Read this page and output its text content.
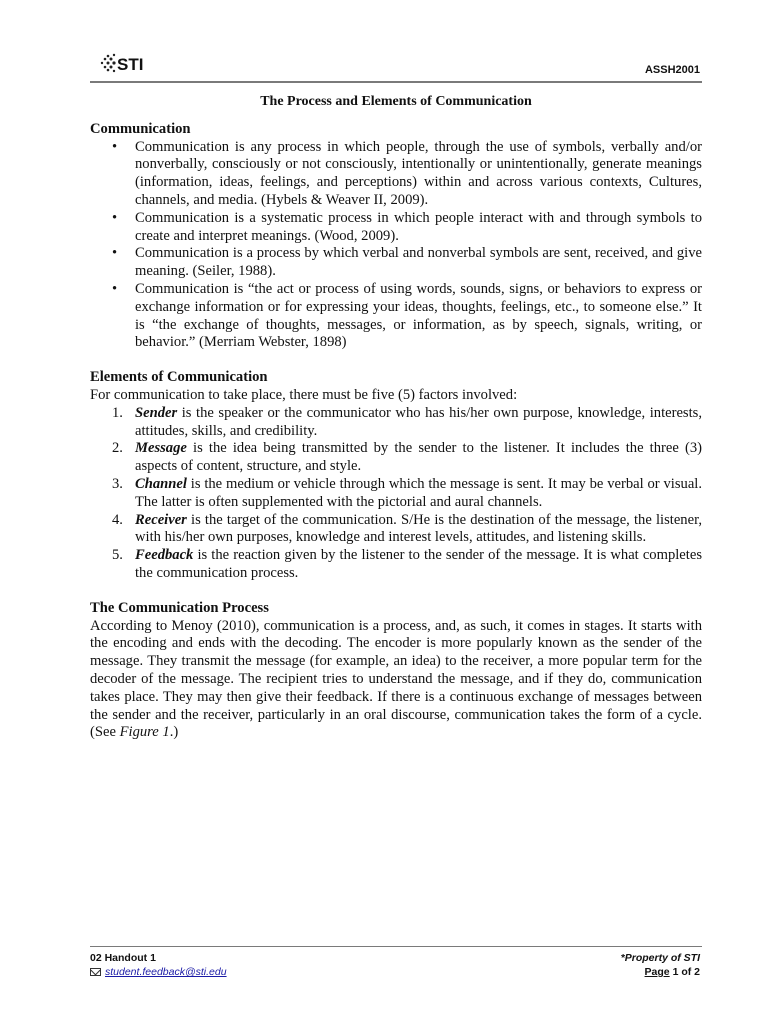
STI	ASSH2001
The Process and Elements of Communication
Communication
• Communication is any process in which people, through the use of symbols, verbally and/or nonverbally, consciously or not consciously, intentionally or unintentionally, generate meanings (information, ideas, feelings, and perceptions) within and across various contexts, Cultures, channels, and media. (Hybels & Weaver II, 2009).
• Communication is a systematic process in which people interact with and through symbols to create and interpret meanings. (Wood, 2009).
• Communication is a process by which verbal and nonverbal symbols are sent, received, and give meaning. (Seiler, 1988).
• Communication is “the act or process of using words, sounds, signs, or behaviors to express or exchange information or for expressing your ideas, thoughts, feelings, etc., to someone else.” It is “the exchange of thoughts, messages, or information, as by speech, signals, writing, or behavior.” (Merriam Webster, 1898)
Elements of Communication

For communication to take place, there must be five (5) factors involved:

1. Sender is the speaker or the communicator who has his/her own purpose, knowledge, interests, attitudes, skills, and credibility.
2. Message is the idea being transmitted by the sender to the listener. It includes the three (3) aspects of content, structure, and style.
3. Channel is the medium or vehicle through which the message is sent. It may be verbal or visual. The latter is often supplemented with the pictorial and aural channels.
4. Receiver is the target of the communication. S/He is the destination of the message, the listener, with his/her own purposes, knowledge and interest levels, attitudes, and listening skills.
5. Feedback is the reaction given by the listener to the sender of the message. It is what completes the communication process.
The Communication Process

According to Menoy (2010), communication is a process, and, as such, it comes in stages. It starts with the encoding and ends with the decoding. The encoder is more popularly known as the sender of the message. They transmit the message (for example, an idea) to the receiver, a more popular term for the decoder of the message. The recipient tries to understand the message, and if they do, communication takes place. They may then give their feedback. If there is a continuous exchange of messages between the sender and the receiver, particularly in an oral discourse, communication takes the form of a cycle. (See Figure 1.)

02 Handout 1
student.feedback@sti.edu
*Property of STI
Page 1 of 2
